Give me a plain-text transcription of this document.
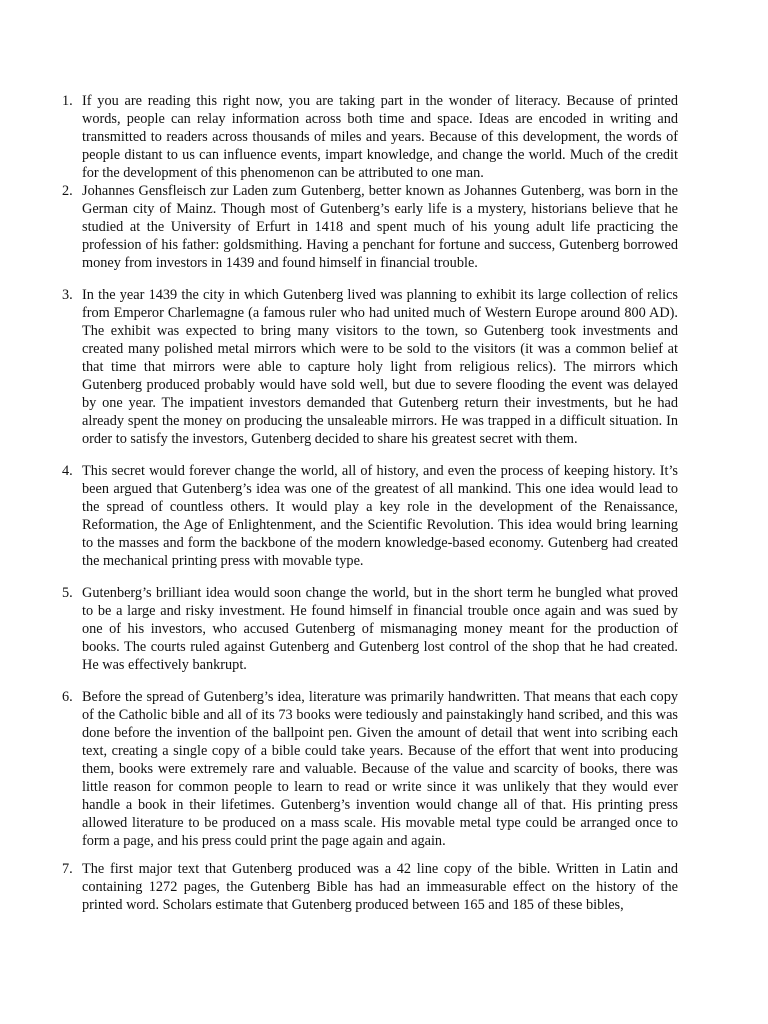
1. If you are reading this right now, you are taking part in the wonder of literacy. Because of printed words, people can relay information across both time and space. Ideas are encoded in writing and transmitted to readers across thousands of miles and years. Because of this development, the words of people distant to us can influence events, impart knowledge, and change the world. Much of the credit for the development of this phenomenon can be attributed to one man.
2. Johannes Gensfleisch zur Laden zum Gutenberg, better known as Johannes Gutenberg, was born in the German city of Mainz. Though most of Gutenberg’s early life is a mystery, historians believe that he studied at the University of Erfurt in 1418 and spent much of his young adult life practicing the profession of his father: goldsmithing. Having a penchant for fortune and success, Gutenberg borrowed money from investors in 1439 and found himself in financial trouble.
3. In the year 1439 the city in which Gutenberg lived was planning to exhibit its large collection of relics from Emperor Charlemagne (a famous ruler who had united much of Western Europe around 800 AD). The exhibit was expected to bring many visitors to the town, so Gutenberg took investments and created many polished metal mirrors which were to be sold to the visitors (it was a common belief at that time that mirrors were able to capture holy light from religious relics). The mirrors which Gutenberg produced probably would have sold well, but due to severe flooding the event was delayed by one year. The impatient investors demanded that Gutenberg return their investments, but he had already spent the money on producing the unsaleable mirrors. He was trapped in a difficult situation. In order to satisfy the investors, Gutenberg decided to share his greatest secret with them.
4. This secret would forever change the world, all of history, and even the process of keeping history. It’s been argued that Gutenberg’s idea was one of the greatest of all mankind. This one idea would lead to the spread of countless others. It would play a key role in the development of the Renaissance, Reformation, the Age of Enlightenment, and the Scientific Revolution. This idea would bring learning to the masses and form the backbone of the modern knowledge-based economy. Gutenberg had created the mechanical printing press with movable type.
5. Gutenberg’s brilliant idea would soon change the world, but in the short term he bungled what proved to be a large and risky investment. He found himself in financial trouble once again and was sued by one of his investors, who accused Gutenberg of mismanaging money meant for the production of books. The courts ruled against Gutenberg and Gutenberg lost control of the shop that he had created. He was effectively bankrupt.
6. Before the spread of Gutenberg’s idea, literature was primarily handwritten. That means that each copy of the Catholic bible and all of its 73 books were tediously and painstakingly hand scribed, and this was done before the invention of the ballpoint pen. Given the amount of detail that went into scribing each text, creating a single copy of a bible could take years. Because of the effort that went into producing them, books were extremely rare and valuable. Because of the value and scarcity of books, there was little reason for common people to learn to read or write since it was unlikely that they would ever handle a book in their lifetimes. Gutenberg’s invention would change all of that. His printing press allowed literature to be produced on a mass scale. His movable metal type could be arranged once to form a page, and his press could print the page again and again.
7. The first major text that Gutenberg produced was a 42 line copy of the bible. Written in Latin and containing 1272 pages, the Gutenberg Bible has had an immeasurable effect on the history of the printed word. Scholars estimate that Gutenberg produced between 165 and 185 of these bibles,
